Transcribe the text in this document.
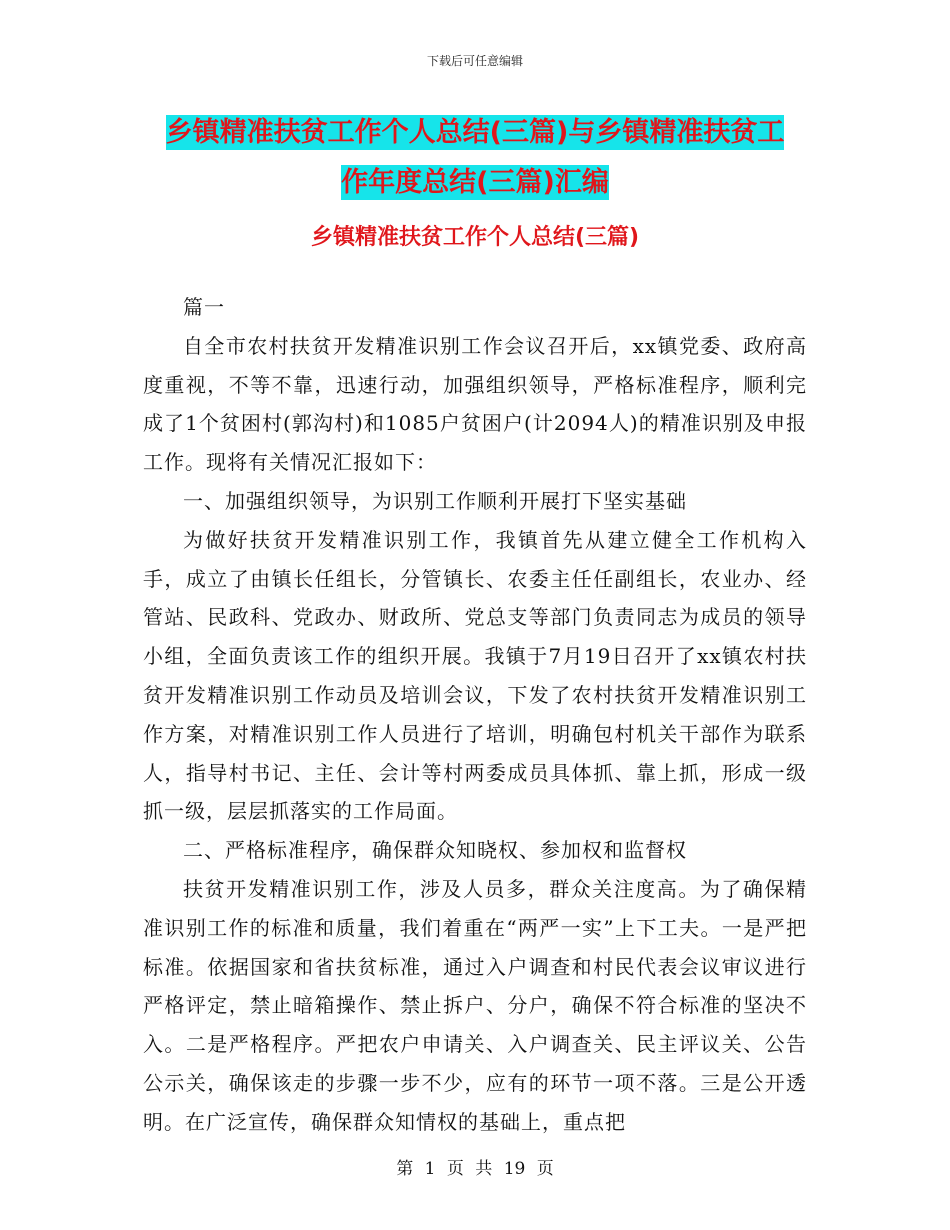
下载后可任意编辑
乡镇精准扶贫工作个人总结(三篇)与乡镇精准扶贫工
作年度总结(三篇)汇编
乡镇精准扶贫工作个人总结(三篇)

篇一

自全市农村扶贫开发精准识别工作会议召开后，xx镇党委、政府高度重视，不等不靠，迅速行动，加强组织领导，严格标准程序，顺利完成了1个贫困村(郭沟村)和1085户贫困户(计2094人)的精准识别及申报工作。现将有关情况汇报如下：

一、加强组织领导，为识别工作顺利开展打下坚实基础

为做好扶贫开发精准识别工作，我镇首先从建立健全工作机构入手，成立了由镇长任组长，分管镇长、农委主任任副组长，农业办、经管站、民政科、党政办、财政所、党总支等部门负责同志为成员的领导小组，全面负责该工作的组织开展。我镇于7月19日召开了xx镇农村扶贫开发精准识别工作动员及培训会议，下发了农村扶贫开发精准识别工作方案，对精准识别工作人员进行了培训，明确包村机关干部作为联系人，指导村书记、主任、会计等村两委成员具体抓、靠上抓，形成一级抓一级，层层抓落实的工作局面。

二、严格标准程序，确保群众知晓权、参加权和监督权

扶贫开发精准识别工作，涉及人员多，群众关注度高。为了确保精准识别工作的标准和质量，我们着重在“两严一实”上下工夫。一是严把标准。依据国家和省扶贫标准，通过入户调查和村民代表会议审议进行严格评定，禁止暗箱操作、禁止拆户、分户，确保不符合标准的坚决不入。二是严格程序。严把农户申请关、入户调查关、民主评议关、公告公示关，确保该走的步骤一步不少，应有的环节一项不落。三是公开透明。在广泛宣传，确保群众知情权的基础上，重点把

第 1 页 共 19 页
